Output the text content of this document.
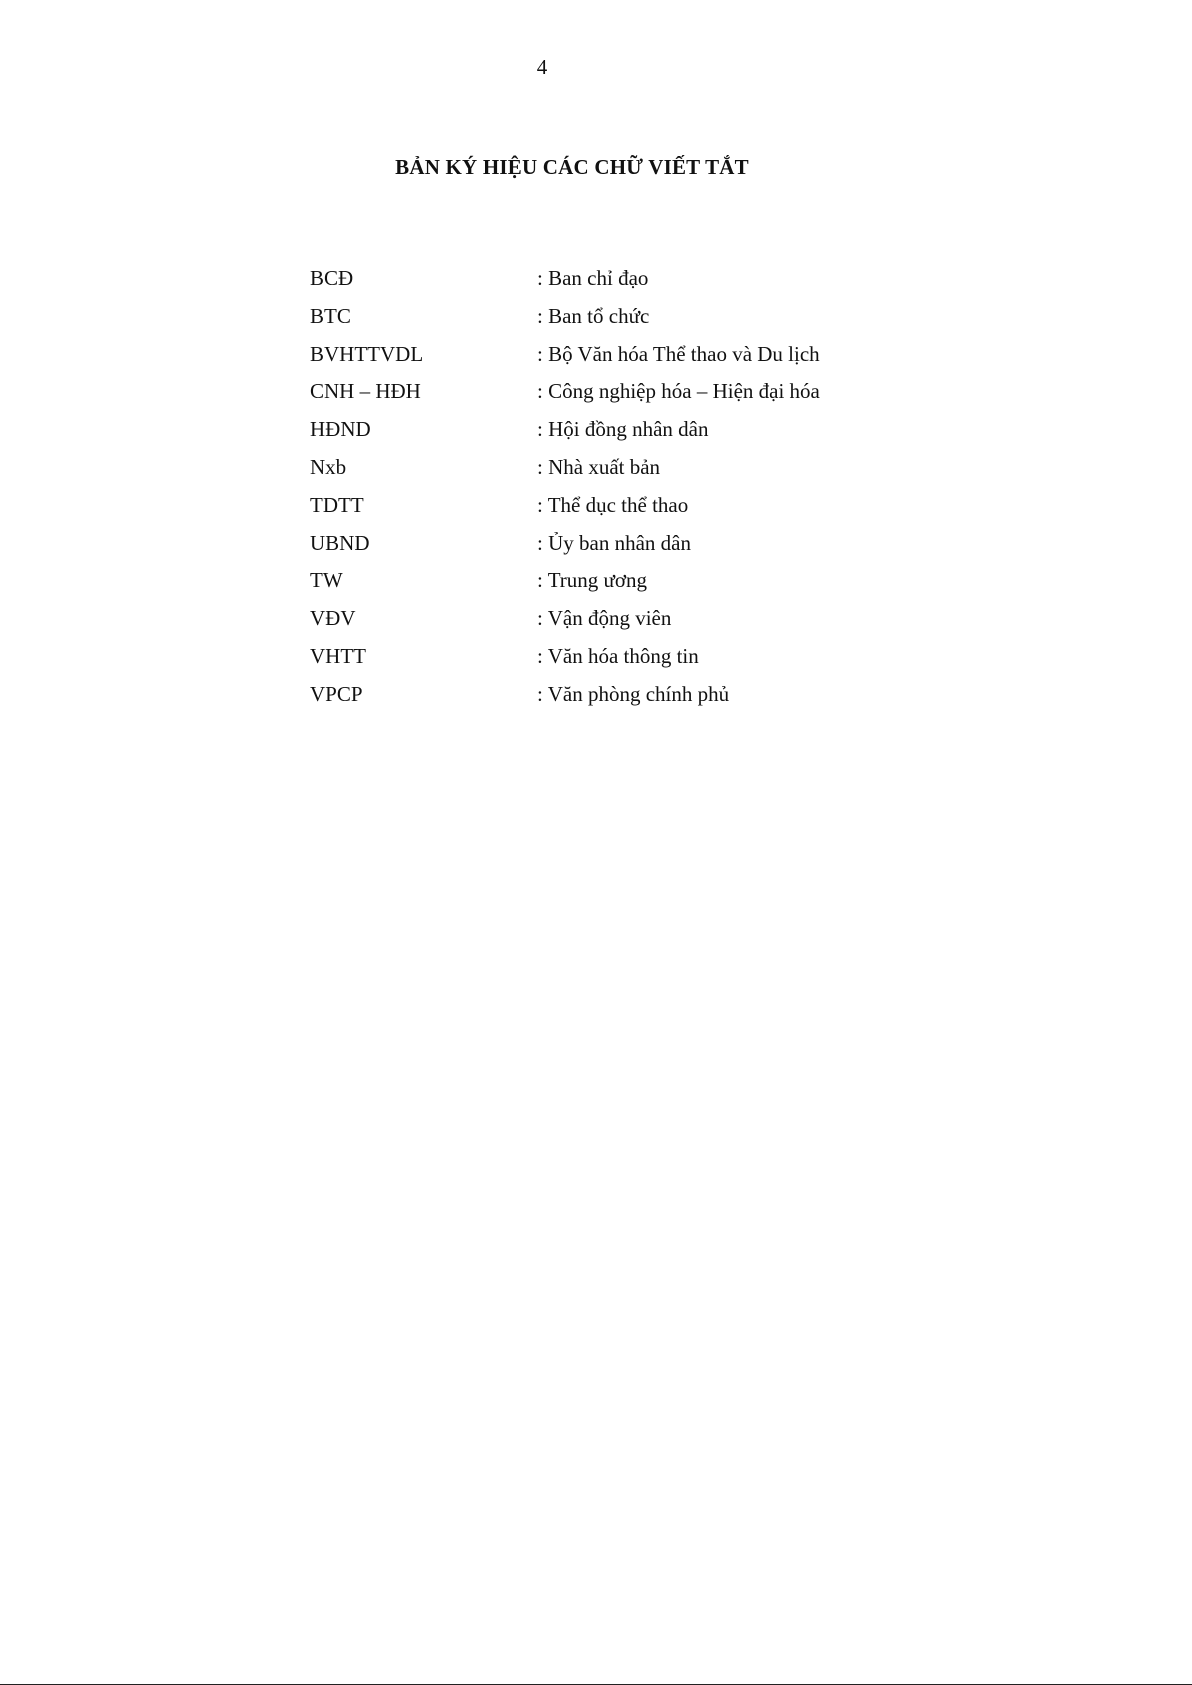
4
BẢN KÝ HIỆU CÁC CHỮ VIẾT TẮT
BCĐ	: Ban chỉ đạo
BTC	: Ban tổ chức
BVHTTVDL	: Bộ Văn hóa Thể thao và Du lịch
CNH – HĐH	: Công nghiệp hóa – Hiện đại hóa
HĐND	: Hội đồng nhân dân
Nxb	: Nhà xuất bản
TDTT	: Thể dục thể thao
UBND	: Ủy ban nhân dân
TW	: Trung ương
VĐV	: Vận động viên
VHTT	: Văn hóa thông tin
VPCP	: Văn phòng chính phủ
